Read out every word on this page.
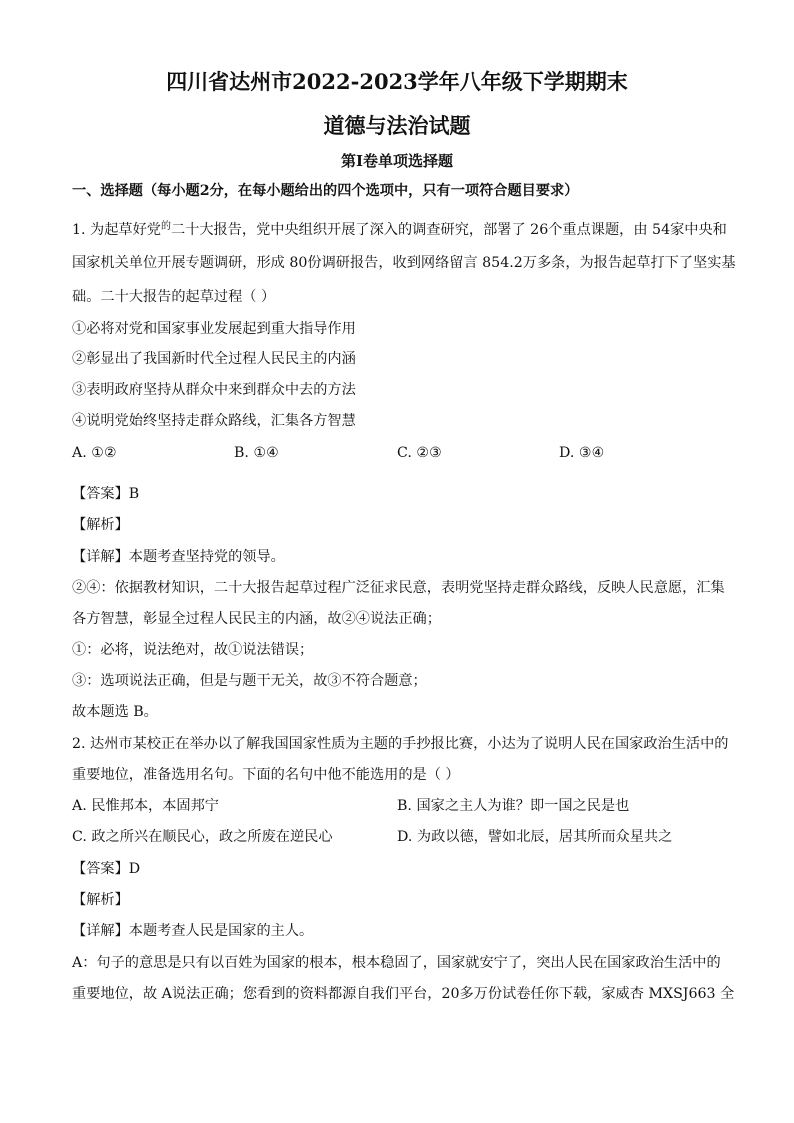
四川省达州市2022-2023学年八年级下学期期末
道德与法治试题
第I卷单项选择题
一、选择题（每小题2分，在每小题给出的四个选项中，只有一项符合题目要求）
1. 为起草好党$^的$二十大报告，党中央组织开展了深入的调查研究，部署了 26个重点课题，由 54家中央和
国家机关单位开展专题调研，形成 80份调研报告，收到网络留言 854.2万多条，为报告起草打下了坚实基
础。二十大报告的起草过程（ ）
①必将对党和国家事业发展起到重大指导作用
②彰显出了我国新时代全过程人民民主的内涵
③表明政府坚持从群众中来到群众中去的方法
④说明党始终坚持走群众路线，汇集各方智慧
A. ①②	B. ①④	C. ②③	D. ③④
【答案】B
【解析】
【详解】本题考查坚持党的领导。
②④：依据教材知识，二十大报告起草过程广泛征求民意，表明党坚持走群众路线，反映人民意愿，汇集
各方智慧，彰显全过程人民民主的内涵，故②④说法正确；
①：必将，说法绝对，故①说法错误；
③：选项说法正确，但是与题干无关，故③不符合题意；
故本题选 B。
2. 达州市某校正在举办以了解我国国家性质为主题的手抄报比赛，小达为了说明人民在国家政治生活中的
重要地位，准备选用名句。下面的名句中他不能选用的是（ ）
A. 民惟邦本，本固邦宁	B. 国家之主人为谁？即一国之民是也
C. 政之所兴在顺民心，政之所废在逆民心	D. 为政以德，譬如北辰，居其所而众星共之
【答案】D
【解析】
【详解】本题考查人民是国家的主人。
A：句子的意思是只有以百姓为国家的根本，根本稳固了，国家就安宁了，突出人民在国家政治生活中的
重要地位，故 A说法正确；您看到的资料都源自我们平台，20多万份试卷任你下载，家威杏 MXSJ663 全
